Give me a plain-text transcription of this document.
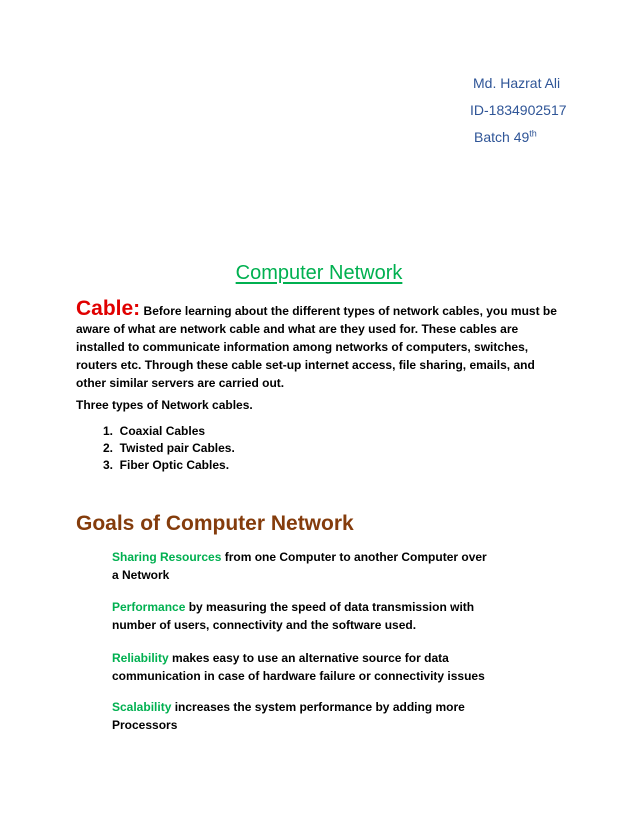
Md. Hazrat Ali
ID-1834902517
Batch 49th
Computer Network
Cable: Before learning about the different types of network cables, you must be aware of what are network cable and what are they used for. These cables are installed to communicate information among networks of computers, switches, routers etc. Through these cable set-up internet access, file sharing, emails, and other similar servers are carried out.
Three types of Network cables.
1. Coaxial Cables
2. Twisted pair Cables.
3. Fiber Optic Cables.
Goals of Computer Network
Sharing Resources from one Computer to another Computer over a Network
Performance by measuring the speed of data transmission with number of users, connectivity and the software used.
Reliability makes easy to use an alternative source for data communication in case of hardware failure or connectivity issues
Scalability increases the system performance by adding more Processors
